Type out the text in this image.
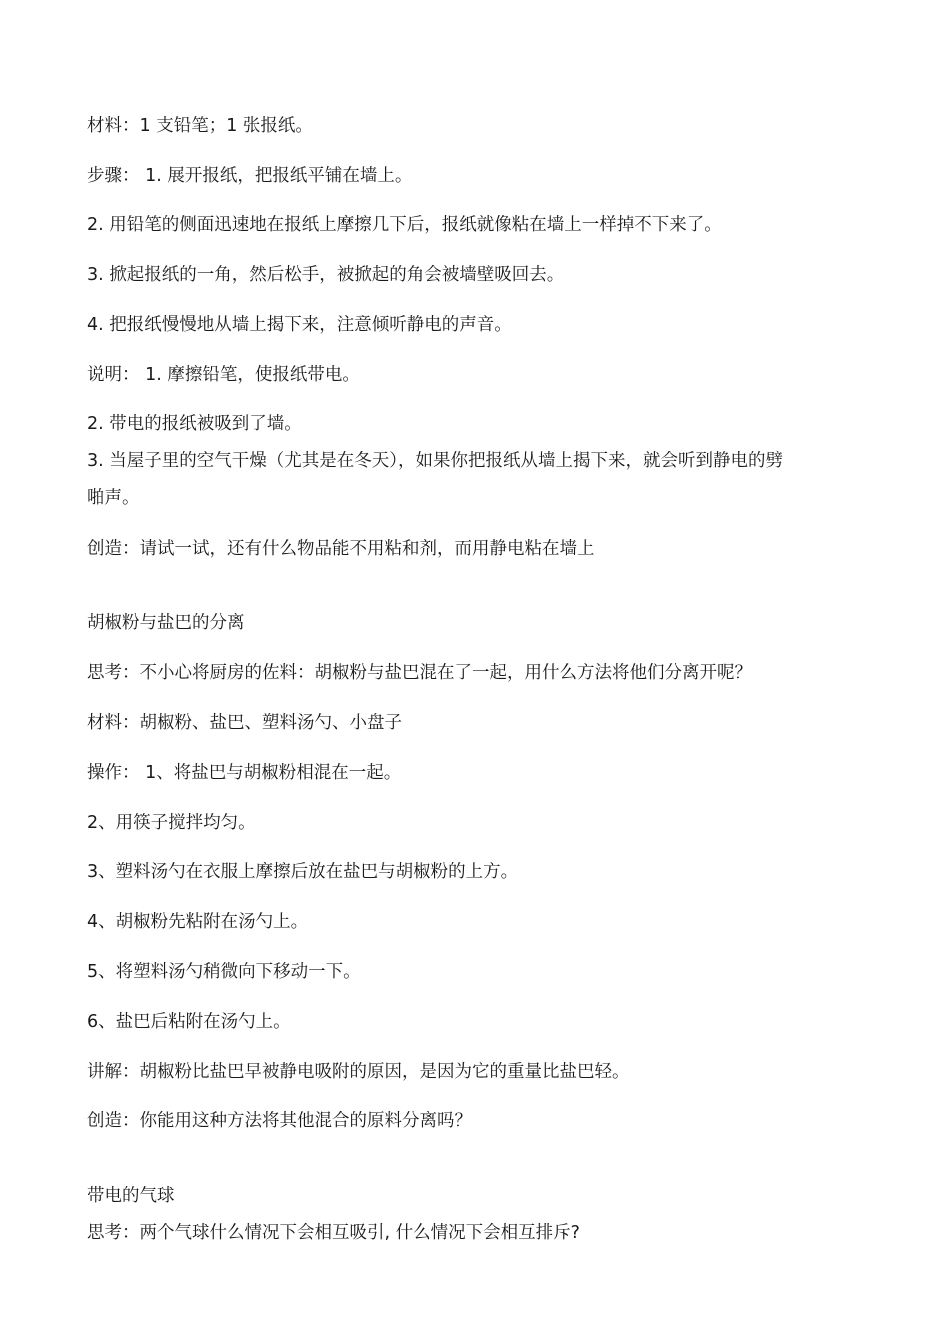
材料：1 支铅笔；1 张报纸。
步骤： 1. 展开报纸，把报纸平铺在墙上。
2. 用铅笔的侧面迅速地在报纸上摩擦几下后，报纸就像粘在墙上一样掉不下来了。
3. 掀起报纸的一角，然后松手，被掀起的角会被墙壁吸回去。
4. 把报纸慢慢地从墙上揭下来，注意倾听静电的声音。
说明： 1. 摩擦铅笔，使报纸带电。
2. 带电的报纸被吸到了墙。
3. 当屋子里的空气干燥（尤其是在冬天），如果你把报纸从墙上揭下来，就会听到静电的劈
啪声。
创造：请试一试，还有什么物品能不用粘和剂，而用静电粘在墙上
胡椒粉与盐巴的分离
思考：不小心将厨房的佐料：胡椒粉与盐巴混在了一起，用什么方法将他们分离开呢？
材料：胡椒粉、盐巴、塑料汤勺、小盘子
操作： 1、将盐巴与胡椒粉相混在一起。
2、用筷子搅拌均匀。
3、塑料汤勺在衣服上摩擦后放在盐巴与胡椒粉的上方。
4、胡椒粉先粘附在汤勺上。
5、将塑料汤勺稍微向下移动一下。
6、盐巴后粘附在汤勺上。
讲解：胡椒粉比盐巴早被静电吸附的原因，是因为它的重量比盐巴轻。
创造：你能用这种方法将其他混合的原料分离吗？
带电的气球
思考：两个气球什么情况下会相互吸引, 什么情况下会相互排斥?
